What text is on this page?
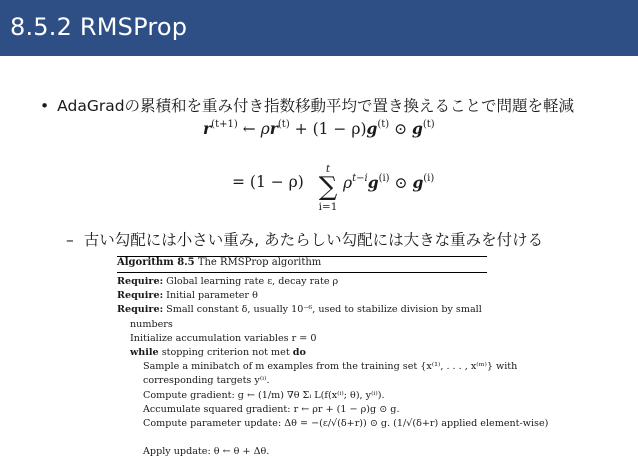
8.5.2 RMSProp
• AdaGradの累積和を重み付き指数移動平均で置き換えることで問題を軽減
$r^{(t+1)}$ ← $\rho r^{(t)} + (1 - \rho)g^{(t)}$ ⊙ $g^{(t)}$
= (1 − ρ)
t
∑
i=1
$\rho^{t-i}g^{(i)}$ ⊙ $g^{(i)}$
– 古い勾配には小さい重み, あたらしい勾配には大きな重みを付ける
Algorithm 8.5 The RMSProp algorithm
Require: Global learning rate ε, decay rate ρ
Require: Initial parameter θ
Require: Small constant δ, usually 10⁻⁶, used to stabilize division by small
numbers
Initialize accumulation variables r = 0
while stopping criterion not met do
Sample a minibatch of m examples from the training set {x⁽¹⁾, . . . , x⁽ᵐ⁾} with
corresponding targets y⁽ⁱ⁾.
Compute gradient: g ← (1/m) ∇θ Σᵢ L(f(x⁽ⁱ⁾; θ), y⁽ⁱ⁾).
Accumulate squared gradient: r ← ρr + (1 − ρ)g ⊙ g.
Compute parameter update: Δθ = −(ε/√(δ+r)) ⊙ g. (1/√(δ+r) applied element-wise)

Apply update: θ ← θ + Δθ.
